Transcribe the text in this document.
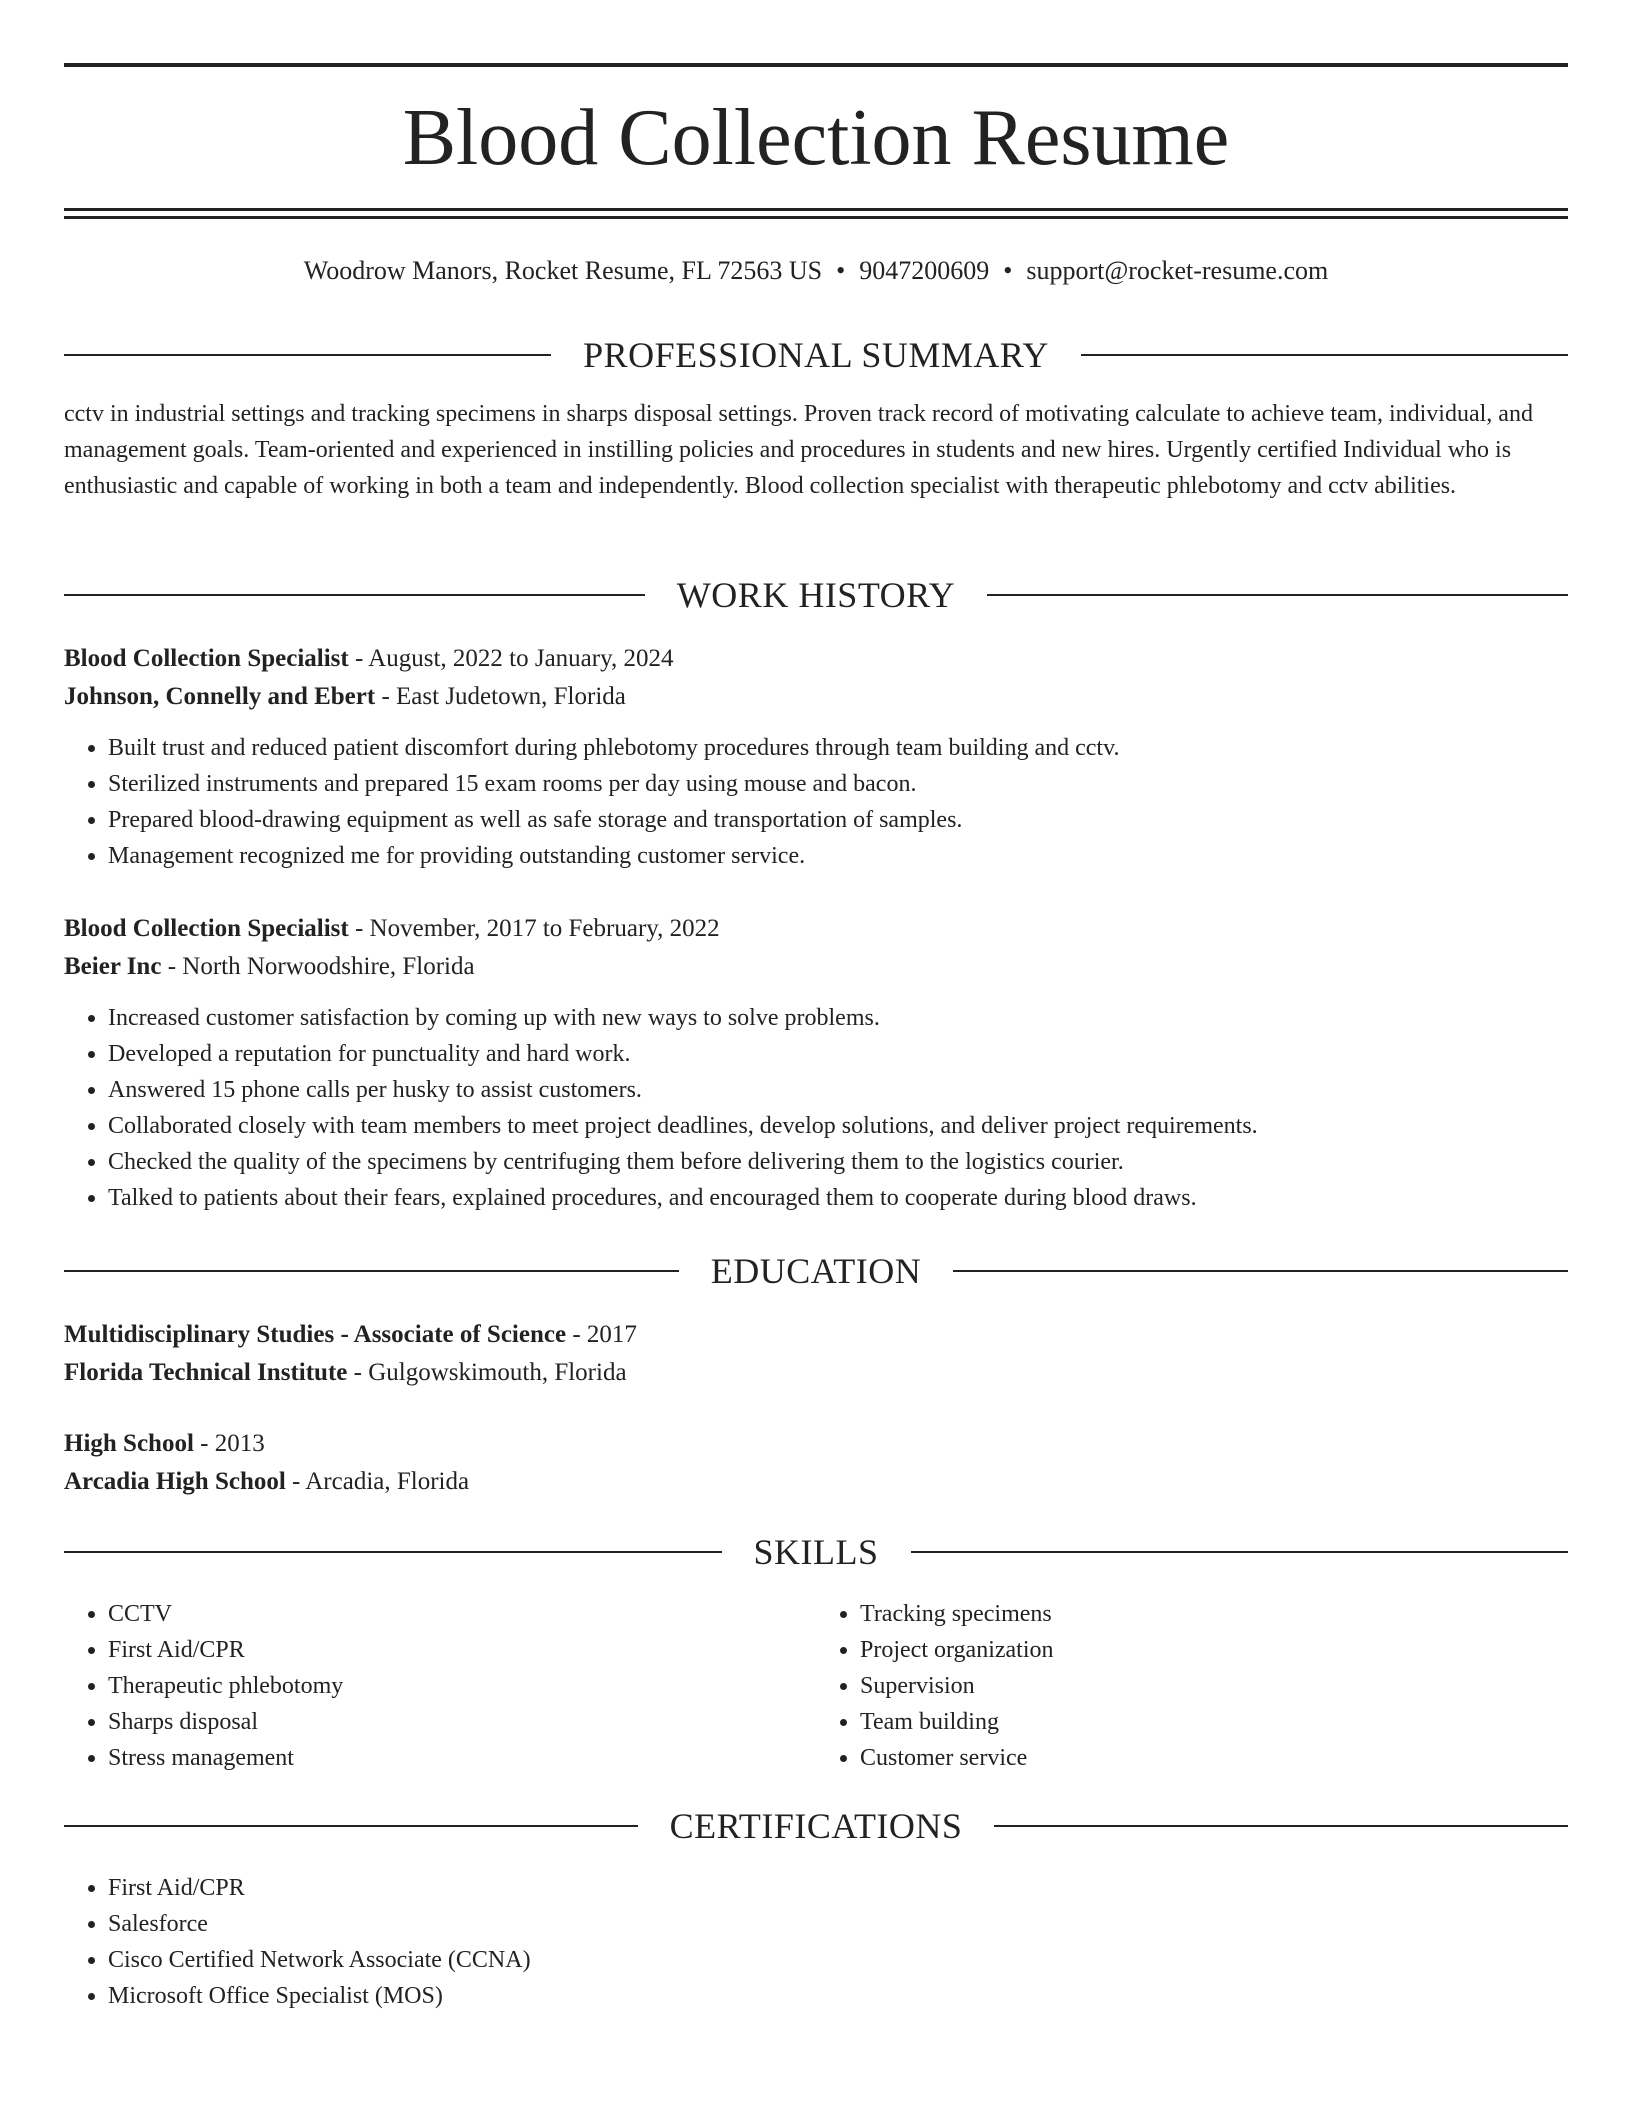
Blood Collection Resume
Woodrow Manors, Rocket Resume, FL 72563 US • 9047200609 • support@rocket-resume.com
PROFESSIONAL SUMMARY
cctv in industrial settings and tracking specimens in sharps disposal settings. Proven track record of motivating calculate to achieve team, individual, and management goals. Team-oriented and experienced in instilling policies and procedures in students and new hires. Urgently certified Individual who is enthusiastic and capable of working in both a team and independently. Blood collection specialist with therapeutic phlebotomy and cctv abilities.
WORK HISTORY
Blood Collection Specialist - August, 2022 to January, 2024
Johnson, Connelly and Ebert - East Judetown, Florida
• Built trust and reduced patient discomfort during phlebotomy procedures through team building and cctv.
• Sterilized instruments and prepared 15 exam rooms per day using mouse and bacon.
• Prepared blood-drawing equipment as well as safe storage and transportation of samples.
• Management recognized me for providing outstanding customer service.
Blood Collection Specialist - November, 2017 to February, 2022
Beier Inc - North Norwoodshire, Florida
• Increased customer satisfaction by coming up with new ways to solve problems.
• Developed a reputation for punctuality and hard work.
• Answered 15 phone calls per husky to assist customers.
• Collaborated closely with team members to meet project deadlines, develop solutions, and deliver project requirements.
• Checked the quality of the specimens by centrifuging them before delivering them to the logistics courier.
• Talked to patients about their fears, explained procedures, and encouraged them to cooperate during blood draws.
EDUCATION
Multidisciplinary Studies - Associate of Science - 2017
Florida Technical Institute - Gulgowskimouth, Florida
High School - 2013
Arcadia High School - Arcadia, Florida
SKILLS
• CCTV
• First Aid/CPR
• Therapeutic phlebotomy
• Sharps disposal
• Stress management
• Tracking specimens
• Project organization
• Supervision
• Team building
• Customer service
CERTIFICATIONS
• First Aid/CPR
• Salesforce
• Cisco Certified Network Associate (CCNA)
• Microsoft Office Specialist (MOS)
